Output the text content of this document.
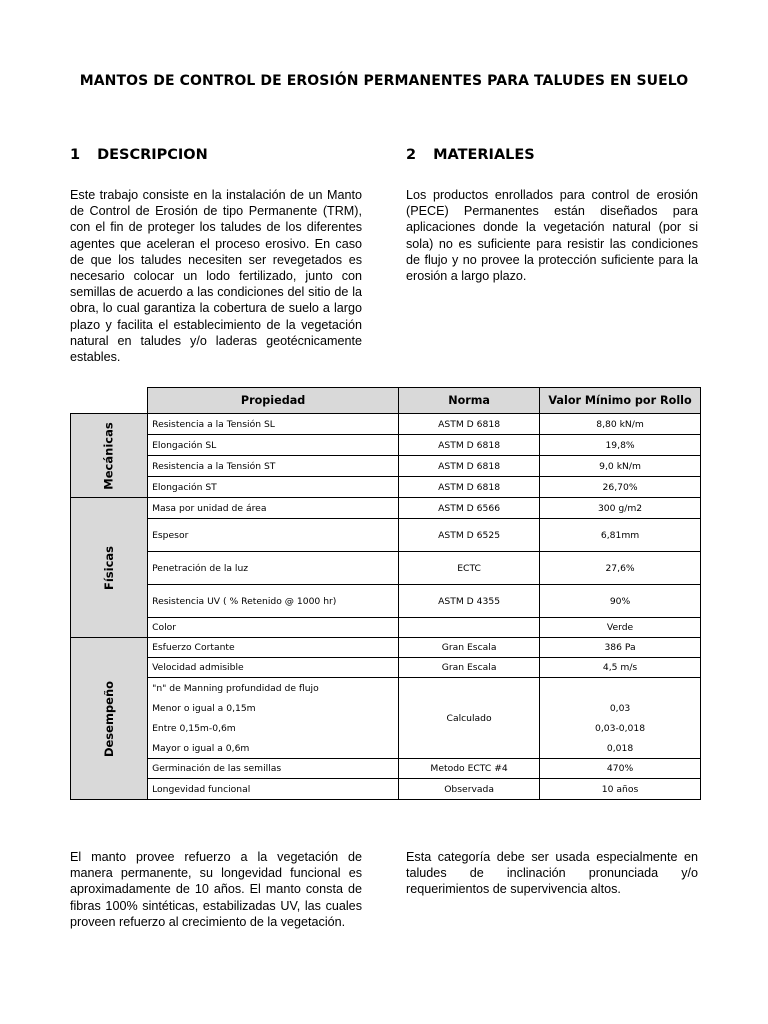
MANTOS DE CONTROL DE EROSIÓN PERMANENTES PARA TALUDES EN SUELO
1 DESCRIPCION	2 MATERIALES
Este trabajo consiste en la instalación de un Manto de Control de Erosión de tipo Permanente (TRM), con el fin de proteger los taludes de los diferentes agentes que aceleran el proceso erosivo. En caso de que los taludes necesiten ser revegetados es necesario colocar un lodo fertilizado, junto con semillas de acuerdo a las condiciones del sitio de la obra, lo cual garantiza la cobertura de suelo a largo plazo y facilita el establecimiento de la vegetación natural en taludes y/o laderas geotécnicamente estables.
Los productos enrollados para control de erosión (PECE) Permanentes están diseñados para aplicaciones donde la vegetación natural (por si sola) no es suficiente para resistir las condiciones de flujo y no provee la protección suficiente para la erosión a largo plazo.
	Propiedad	Norma	Valor Mínimo por Rollo
Mecánicas	Resistencia a la Tensión SL	ASTM D 6818	8,80 kN/m
	Elongación SL	ASTM D 6818	19,8%
	Resistencia a la Tensión ST	ASTM D 6818	9,0 kN/m
	Elongación ST	ASTM D 6818	26,70%
Físicas	Masa por unidad de área	ASTM D 6566	300 g/m2
	Espesor	ASTM D 6525	6,81mm
	Penetración de la luz	ECTC	27,6%
	Resistencia UV ( % Retenido @ 1000 hr)	ASTM D 4355	90%
	Color		Verde
Desempeño	Esfuerzo Cortante	Gran Escala	386 Pa
	Velocidad admisible	Gran Escala	4,5 m/s
	"n" de Manning profundidad de flujo	Calculado	
	Menor o igual a 0,15m		0,03
	Entre 0,15m-0,6m		0,03-0,018
	Mayor o igual a 0,6m		0,018
	Germinación de las semillas	Metodo ECTC #4	470%
	Longevidad funcional	Observada	10 años
El manto provee refuerzo a la vegetación de manera permanente, su longevidad funcional es aproximadamente de 10 años. El manto consta de fibras 100% sintéticas, estabilizadas UV, las cuales proveen refuerzo al crecimiento de la vegetación.
Esta categoría debe ser usada especialmente en taludes de inclinación pronunciada y/o requerimientos de supervivencia altos.
